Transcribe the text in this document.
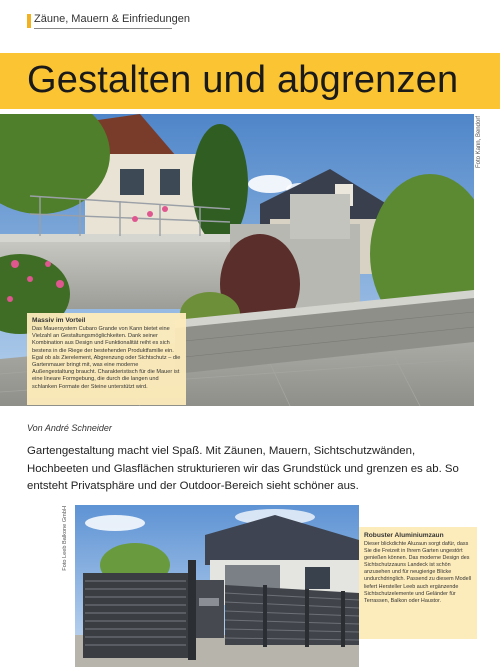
Zäune, Mauern & Einfriedungen
Gestalten und abgrenzen
Foto Kann, Bendorf
Massiv im Vorteil
Das Mauersystem Cubaro Grande von Kann bietet eine Vielzahl an Gestaltungsmöglichkeiten. Dank seiner Kombination aus Design und Funktionalität reiht es sich bestens in die Riege der bestehenden Produktfamilie ein. Egal ob als Zierelement, Abgrenzung oder Sichtschutz – die Gartenmauer bringt mit, was eine moderne Außengestaltung braucht. Charakteristisch für die Mauer ist eine lineare Formgebung, die durch die langen und schlanken Formate der Steine unterstützt wird.
Von André Schneider
Gartengestaltung macht viel Spaß. Mit Zäunen, Mauern, Sichtschutzwänden, Hochbeeten und Glasflächen strukturieren wir das Grundstück und grenzen es ab. So entsteht Privatsphäre und der Outdoor-Bereich sieht schöner aus.
Foto Leeb Balkone GmbH	Robuster Aluminiumzaun
Dieser blickdichte Aluzaun sorgt dafür, dass Sie die Freizeit in Ihrem Garten ungestört genießen können. Das moderne Design des Sichtschutzzauns Landeck ist schön anzusehen und für neugierige Blicke undurchdringlich. Passend zu diesem Modell liefert Hersteller Leeb auch ergänzende Sichtschutzelemente und Geländer für Terrassen, Balkon oder Haustor.
